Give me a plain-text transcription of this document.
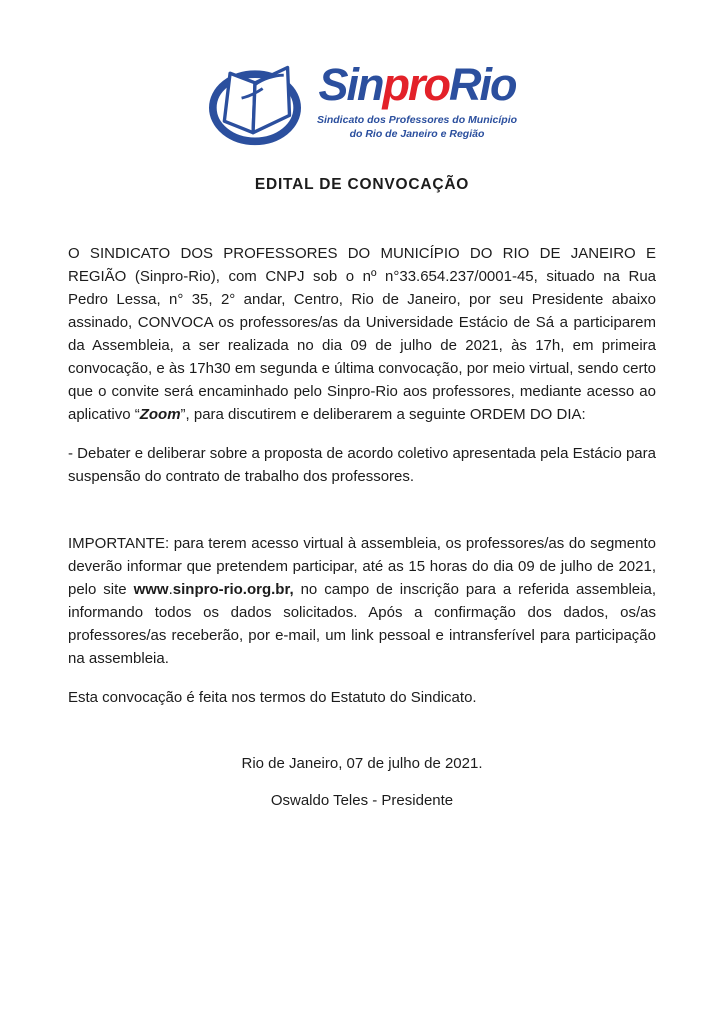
SinproRio
Sindicato dos Professores do Município
do Rio de Janeiro e Região
EDITAL DE CONVOCAÇÃO

O SINDICATO DOS PROFESSORES DO MUNICÍPIO DO RIO DE JANEIRO E REGIÃO (Sinpro-Rio), com CNPJ sob o nº n°33.654.237/0001-45, situado na Rua Pedro Lessa, n° 35, 2° andar, Centro, Rio de Janeiro, por seu Presidente abaixo assinado, CONVOCA os professores/as da Universidade Estácio de Sá a participarem da Assembleia, a ser realizada no dia 09 de julho de 2021, às 17h, em primeira convocação, e às 17h30 em segunda e última convocação, por meio virtual, sendo certo que o convite será encaminhado pelo Sinpro-Rio aos professores, mediante acesso ao aplicativo “Zoom”, para discutirem e deliberarem a seguinte ORDEM DO DIA:

- Debater e deliberar sobre a proposta de acordo coletivo apresentada pela Estácio para suspensão do contrato de trabalho dos professores.

IMPORTANTE: para terem acesso virtual à assembleia, os professores/as do segmento deverão informar que pretendem participar, até as 15 horas do dia 09 de julho de 2021, pelo site www.sinpro-rio.org.br, no campo de inscrição para a referida assembleia, informando todos os dados solicitados. Após a confirmação dos dados, os/as professores/as receberão, por e-mail, um link pessoal e intransferível para participação na assembleia.

Esta convocação é feita nos termos do Estatuto do Sindicato.

Rio de Janeiro, 07 de julho de 2021.
Oswaldo Teles - Presidente
